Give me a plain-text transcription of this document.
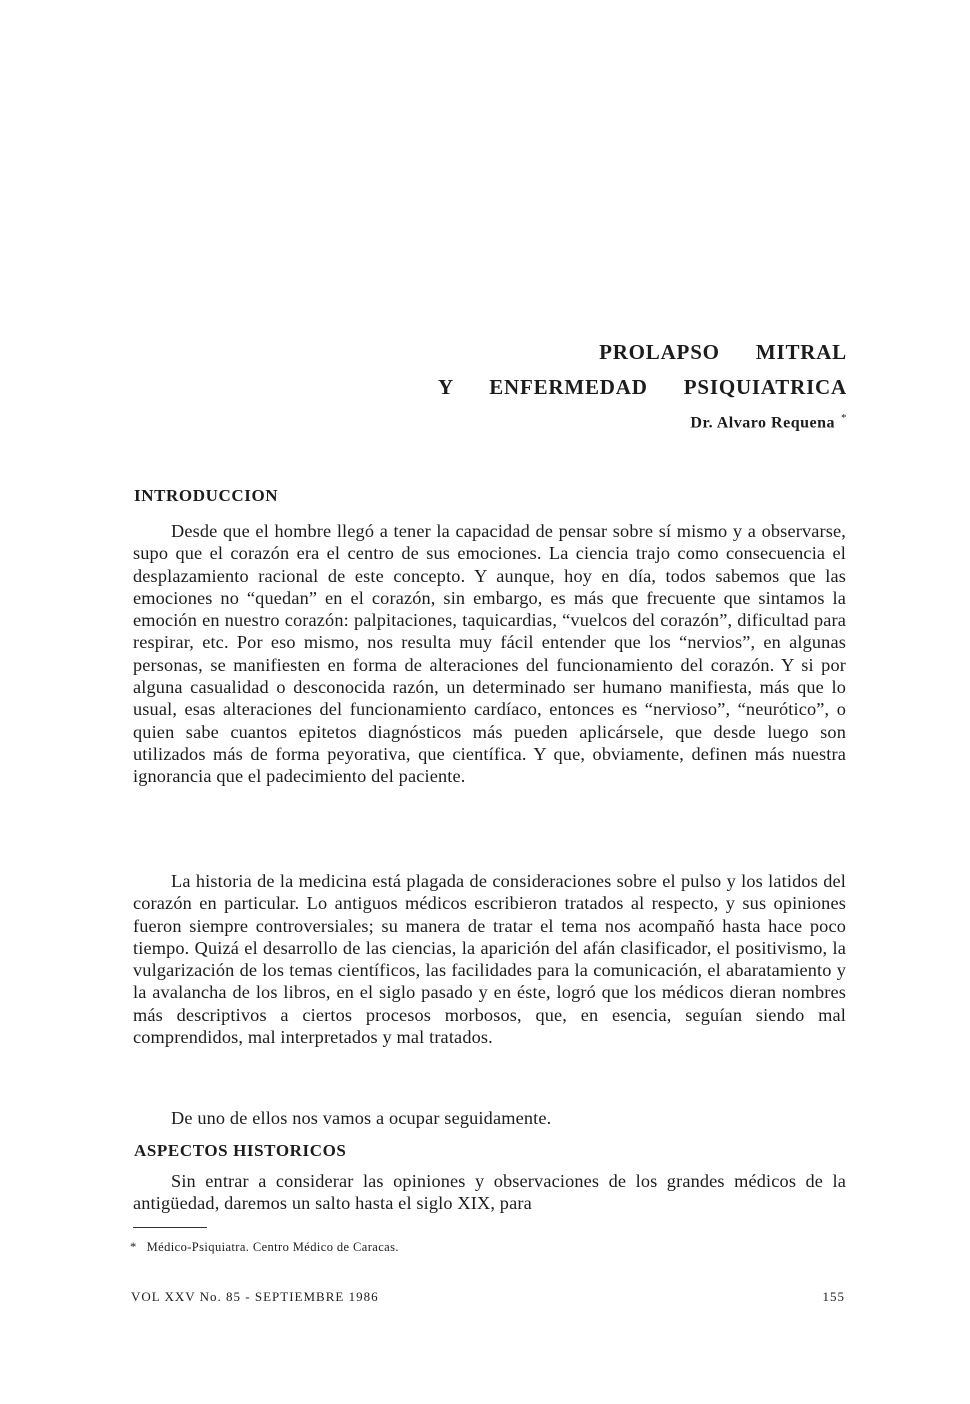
PROLAPSO MITRAL
Y ENFERMEDAD PSIQUIATRICA
Dr. Alvaro Requena *
INTRODUCCION

Desde que el hombre llegó a tener la capacidad de pensar sobre sí mismo y a observarse, supo que el corazón era el centro de sus emociones. La ciencia trajo como consecuencia el desplazamiento racional de este concepto. Y aunque, hoy en día, todos sabemos que las emociones no “quedan” en el corazón, sin embargo, es más que frecuente que sintamos la emoción en nuestro corazón: palpitaciones, taquicardias, “vuelcos del corazón”, dificultad para respirar, etc. Por eso mismo, nos resulta muy fácil entender que los “nervios”, en algunas personas, se manifiesten en forma de alteraciones del funcionamiento del corazón. Y si por alguna casualidad o desconocida razón, un determinado ser humano manifiesta, más que lo usual, esas alteraciones del funcionamiento cardíaco, entonces es “nervioso”, “neurótico”, o quien sabe cuantos epitetos diagnósticos más pueden aplicársele, que desde luego son utilizados más de forma peyorativa, que científica. Y que, obviamente, definen más nuestra ignorancia que el padecimiento del paciente.

La historia de la medicina está plagada de consideraciones sobre el pulso y los latidos del corazón en particular. Lo antiguos médicos escribieron tratados al respecto, y sus opiniones fueron siempre controversiales; su manera de tratar el tema nos acompañó hasta hace poco tiempo. Quizá el desarrollo de las ciencias, la aparición del afán clasificador, el positivismo, la vulgarización de los temas científicos, las facilidades para la comunicación, el abaratamiento y la avalancha de los libros, en el siglo pasado y en éste, logró que los médicos dieran nombres más descriptivos a ciertos procesos morbosos, que, en esencia, seguían siendo mal comprendidos, mal interpretados y mal tratados.

De uno de ellos nos vamos a ocupar seguidamente.

ASPECTOS HISTORICOS

Sin entrar a considerar las opiniones y observaciones de los grandes médicos de la antigüedad, daremos un salto hasta el siglo XIX, para

* Médico-Psiquiatra. Centro Médico de Caracas.
VOL XXV No. 85 - SEPTIEMBRE 1986	155
